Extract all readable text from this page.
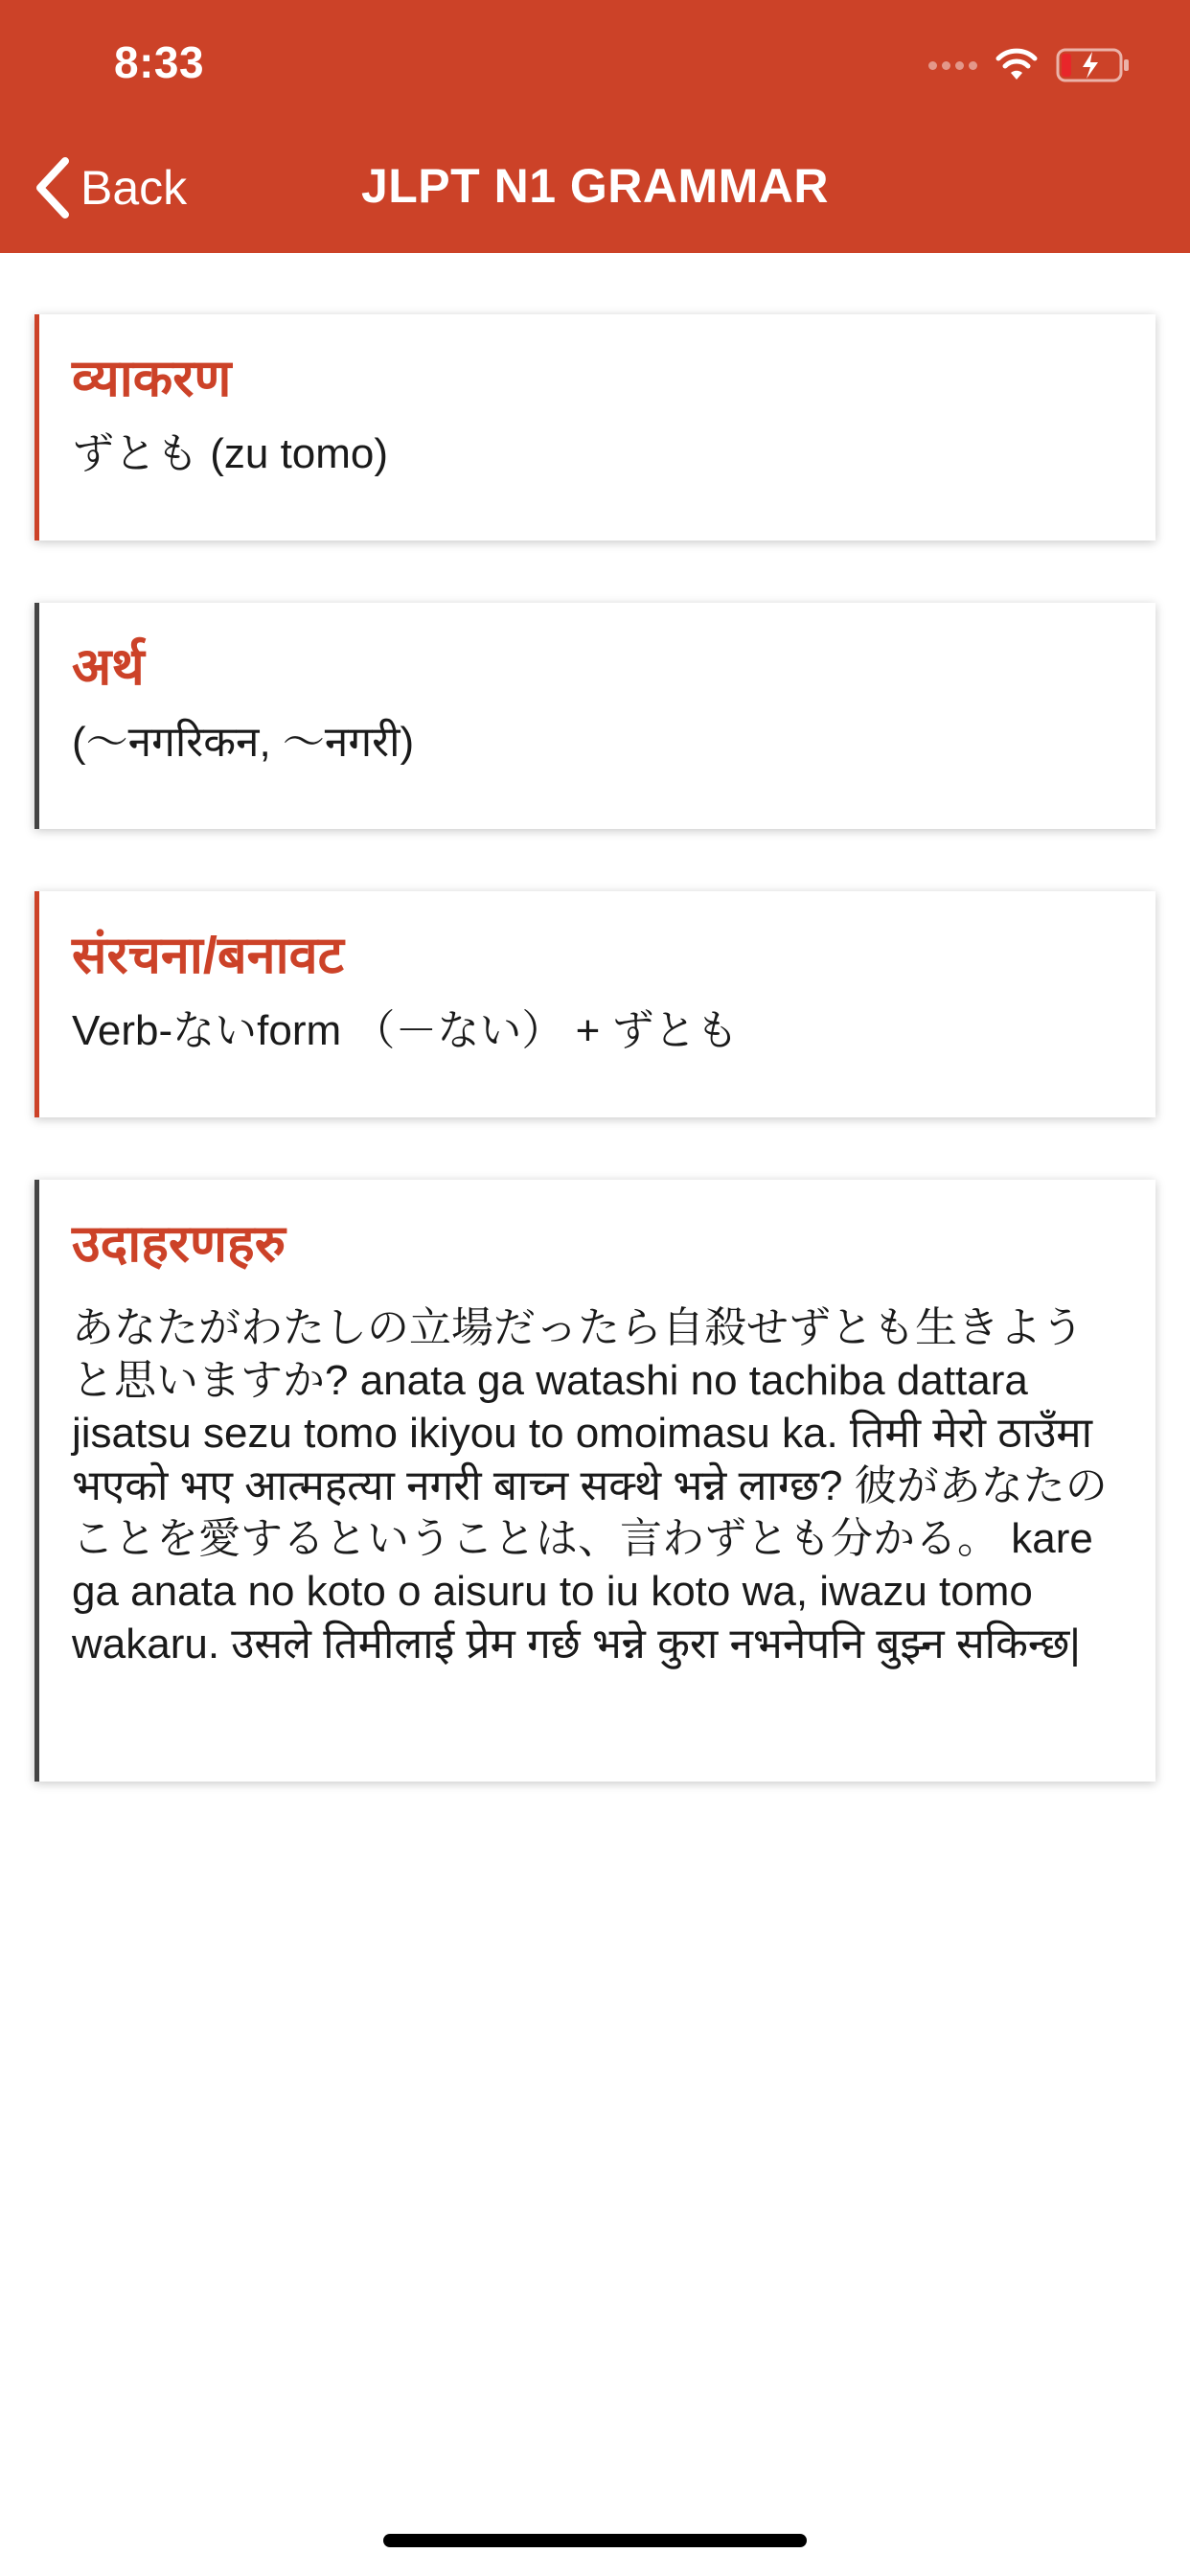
8:33
Back	JLPT N1 GRAMMAR
व्याकरण
ずとも (zu tomo)
अर्थ
(～नगरिकन, ～नगरी)
संरचना/बनावट
Verb-ないform （－ない） + ずとも
उदाहरणहरु
あなたがわたしの立場だったら自殺せずとも生きようと思いますか? anata ga watashi no tachiba dattara jisatsu sezu tomo ikiyou to omoimasu ka. तिमी मेरो ठाउँमा भएको भए आत्महत्या नगरी बाच्न सक्थे भन्ने लाग्छ? 彼があなたのことを愛するということは、言わずとも分かる。 kare ga anata no koto o aisuru to iu koto wa, iwazu tomo wakaru. उसले तिमीलाई प्रेम गर्छ भन्ने कुरा नभनेपनि बुझ्न सकिन्छ|
